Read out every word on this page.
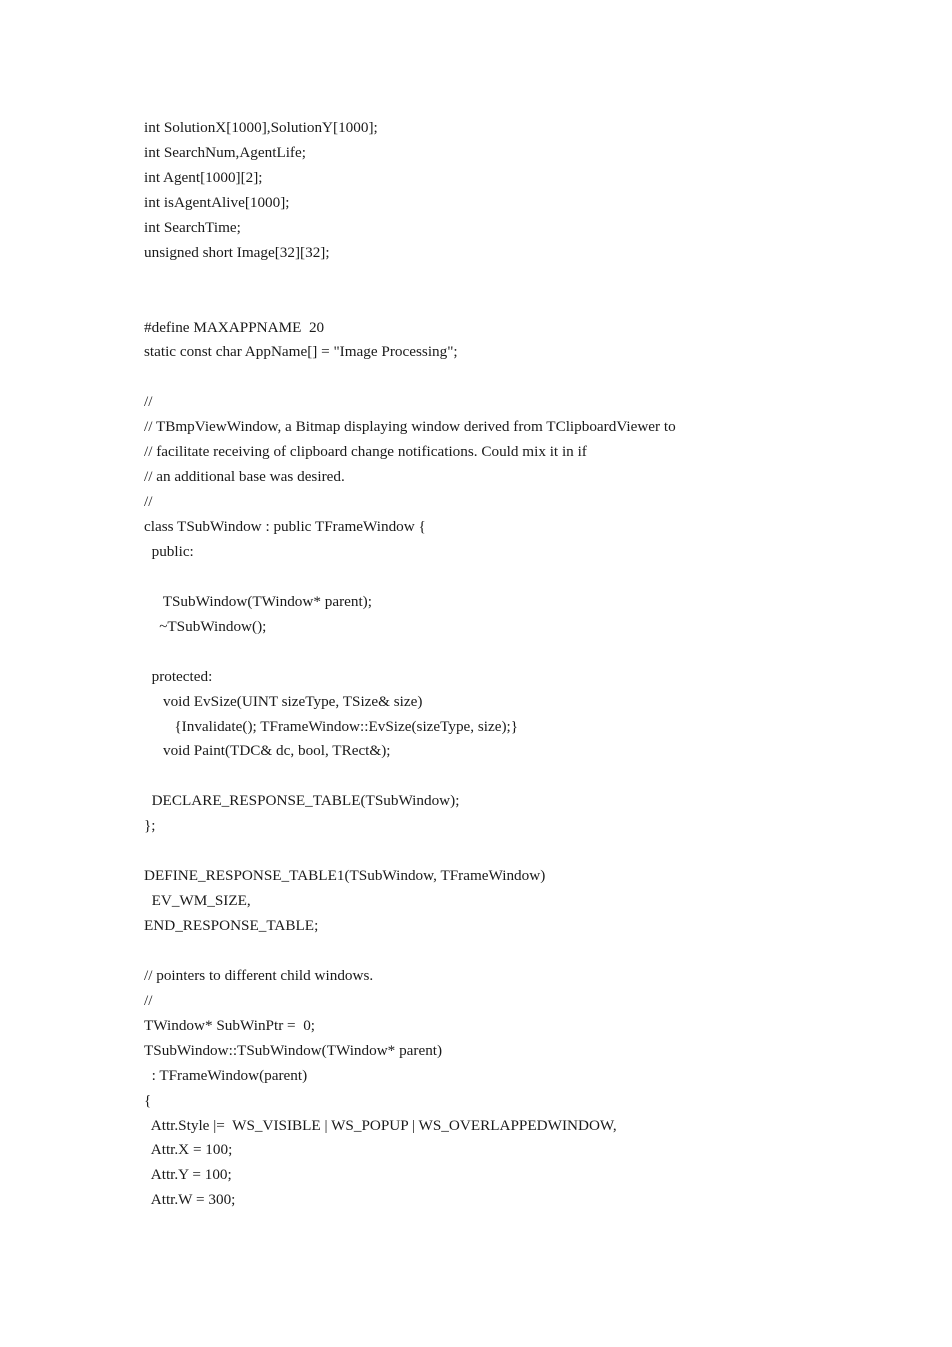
int SolutionX[1000],SolutionY[1000];
int SearchNum,AgentLife;
int Agent[1000][2];
int isAgentAlive[1000];
int SearchTime;
unsigned short Image[32][32];
#define MAXAPPNAME  20
static const char AppName[] = "Image Processing";
//
// TBmpViewWindow, a Bitmap displaying window derived from TClipboardViewer to
// facilitate receiving of clipboard change notifications. Could mix it in if
// an additional base was desired.
//
class TSubWindow : public TFrameWindow {
public:
TSubWindow(TWindow* parent);
~TSubWindow();
protected:
void EvSize(UINT sizeType, TSize& size)
{Invalidate(); TFrameWindow::EvSize(sizeType, size);}
void Paint(TDC& dc, bool, TRect&);
DECLARE_RESPONSE_TABLE(TSubWindow);
};
DEFINE_RESPONSE_TABLE1(TSubWindow, TFrameWindow)
EV_WM_SIZE,
END_RESPONSE_TABLE;
// pointers to different child windows.
//
TWindow* SubWinPtr =  0;
TSubWindow::TSubWindow(TWindow* parent)
: TFrameWindow(parent)
{
Attr.Style |=  WS_VISIBLE | WS_POPUP | WS_OVERLAPPEDWINDOW,
Attr.X = 100;
Attr.Y = 100;
Attr.W = 300;
